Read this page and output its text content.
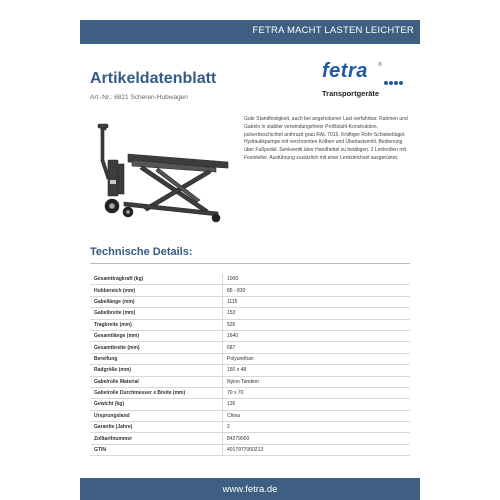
FETRA MACHT LASTEN LEICHTER
Artikeldatenblatt
Art.-Nr.: 6821 Scheren-Hubwagen
fetra ®
Transportgeräte
Gute Standfestigkeit, auch bei angehobener Last verfahrbar. Rahmen und Gabeln in stabiler verwindungsfreier Profilstahl-Konstruktion, pulverbeschichtet anthrazit grau RAL 7016. Kräftiger Rohr-Schiebebügel. Hydraulikpumpe mit verchromten Kolben und Überlastventil. Bedienung über Fußpedal. Senkventil über Handhebel zu betätigen. 2 Lenkrollen mit Feststeller. Ausführung zusätzlich mit einer Lenkdeichsel ausgerüstet.
Technische Details:
Gesamttragkraft (kg)	1000
Hubbereich (mm)	85 - 830
Gabellänge (mm)	1115
Gabelbreite (mm)	153
Tragbreite (mm)	526
Gesamtlänge (mm)	1640
Gesamtbreite (mm)	687
Bereifung	Polyurethan
Radgröße (mm)	150 x 48
Gabelrolle Material	Nylon Tandem
Gabelrolle Durchmesser x Breite (mm)	70 x 70
Gewicht (kg)	135
Ursprungsland	China
Garantie (Jahre)	2
Zolltarifnummer	84279000
GTIN	4017977060213
www.fetra.de
